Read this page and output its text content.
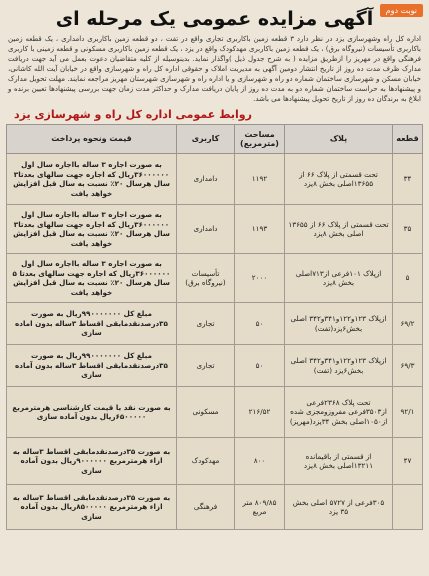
نوبت دوم
آگهی مزایده عمومی یک مرحله ای
اداره کل راه وشهرسازی یزد در نظر دارد ۳ قطعه زمین باکاربری تجاری واقع در تفت ، دو قطعه زمین باکاربری دامداری ، یک قطعه زمین باکاربری تأسیسات (نیروگاه برق) ، یک قطعه زمین باکاربری مهدکودک واقع در یزد ، یک قطعه زمین باکاربری مسکونی و قطعه زمینی با کاربری فرهنگی واقع در مهریز را ازطریق مزایده ( به شرح جدول ذیل )واگذار نماید. بدینوسیله از کلیه متقاضیان دعوت بعمل می آید جهت دریافت مدارک ظرف مدت ده روز از تاریخ انتشار دومین آگهی به مدیریت املاک و حقوقی اداره کل راه و شهرسازی واقع در خیابان آیت الله کاشانی، خیابان مسکن و شهرسازی ساختمان شماره دو راه و شهرسازی و یا اداره راه و شهرسازی شهرستان مهریز مراجعه نمایند. مهلت تحویل مدارک و پیشنهادها به حراست ساختمان شماره دو به مدت ده روز از پایان دریافت مدارک و حداکثر مدت زمان جهت بررسی پیشنهادها تعیین برنده و ابلاغ به برندگان ده روز از تاریخ تحویل پیشنهادها می باشد.
روابط عمومی اداره کل راه و شهرسازی یزد
قطعه	پلاک	مساحت (مترمربع)	کاربری	قیمت ونحوه پرداخت
۳۴	تحت قسمتی از پلاک ۶۶ از ۱۳۶۵۵اصلی بخش ۸یزد	۱۱۹۲	دامداری	به صورت اجاره ۳ ساله بااجاره سال اول ۳۶۰۰۰۰۰۰ریال که اجاره جهت سالهای بعدتا۳ سال هرسال ۲۰٪ نسبت به سال قبل افزایش خواهد یافت
۳۵	تحت قسمتی از پلاک ۶۶ از ۱۳۶۵۵ اصلی بخش ۸یزد	۱۱۹۳	دامداری	به صورت اجاره ۳ ساله بااجاره سال اول ۳۶۰۰۰۰۰۰ریال که اجاره جهت سالهای بعدتا۳ سال هرسال ۲۰٪ نسبت به سال قبل افزایش خواهد یافت
۵	ازپلاک ۱۰۱فرعی از۷۱۳اصلی بخش ۸یزد	۲۰۰۰	تأسیسات (نیروگاه برق)	به صورت اجاره ۳ ساله بااجاره سال اول ۳۶۰۰۰۰۰۰ریال که اجاره جهت سالهای بعدتا ۵ سال هرسال ۲۰٪ نسبت به سال قبل افزایش خواهد یافت
۶۹/۲	ازپلاک ۱۲۳و۱۲۲و۳۴۱و۳۴۲ اصلی بخش۶یزد(تفت)	۵۰	تجاری	مبلغ کل ۹۹۰۰۰۰۰۰۰ریال به صورت ۳۵درصدنقدمابقی اقساط ۳ساله بدون اماده سازی
۶۹/۳	ازپلاک ۱۲۳و۱۲۲و۳۴۱و۳۴۲ اصلی بخش۶یزد (تفت)	۵۰	تجاری	مبلغ کل ۹۹۰۰۰۰۰۰۰ریال به صورت ۳۵درصدنقدمابقی اقساط ۳ساله بدون آماده سازی
۹۲/۱	تحت پلاک ۲۳۶۸فرعی از۳۵۰۳فرعی مفروزومجزی شده از۱۰۵۰اصلی بخش ۳۴یزد(مهریز)	۲۱۶/۵۲	مسکونی	به صورت نقد با قیمت کارشناسی هرمترمربع ۶۵۰۰۰۰۰ریال بدون آماده سازی
۴۷	از قسمتی از باقیمانده ۱۳۲۱۱اصلی بخش ۸یزد	۸۰۰	مهدکودک	به صورت ۳۵درصدنقدمابقی اقساط ۳ساله به ازاء هرمترمربع ۹۰۰۰۰۰۰ریال بدون آماده سازی
	۳۰۵فرعی از ۵۷۲۷ اصلی بخش ۳۵ یزد	۸۰۹/۸۵ متر مربع	فرهنگی	به صورت ۳۵درصدنقدمابقی اقساط ۳ساله به ازاء هرمترمربع ۸۵۰۰۰۰۰ریال بدون آماده سازی
